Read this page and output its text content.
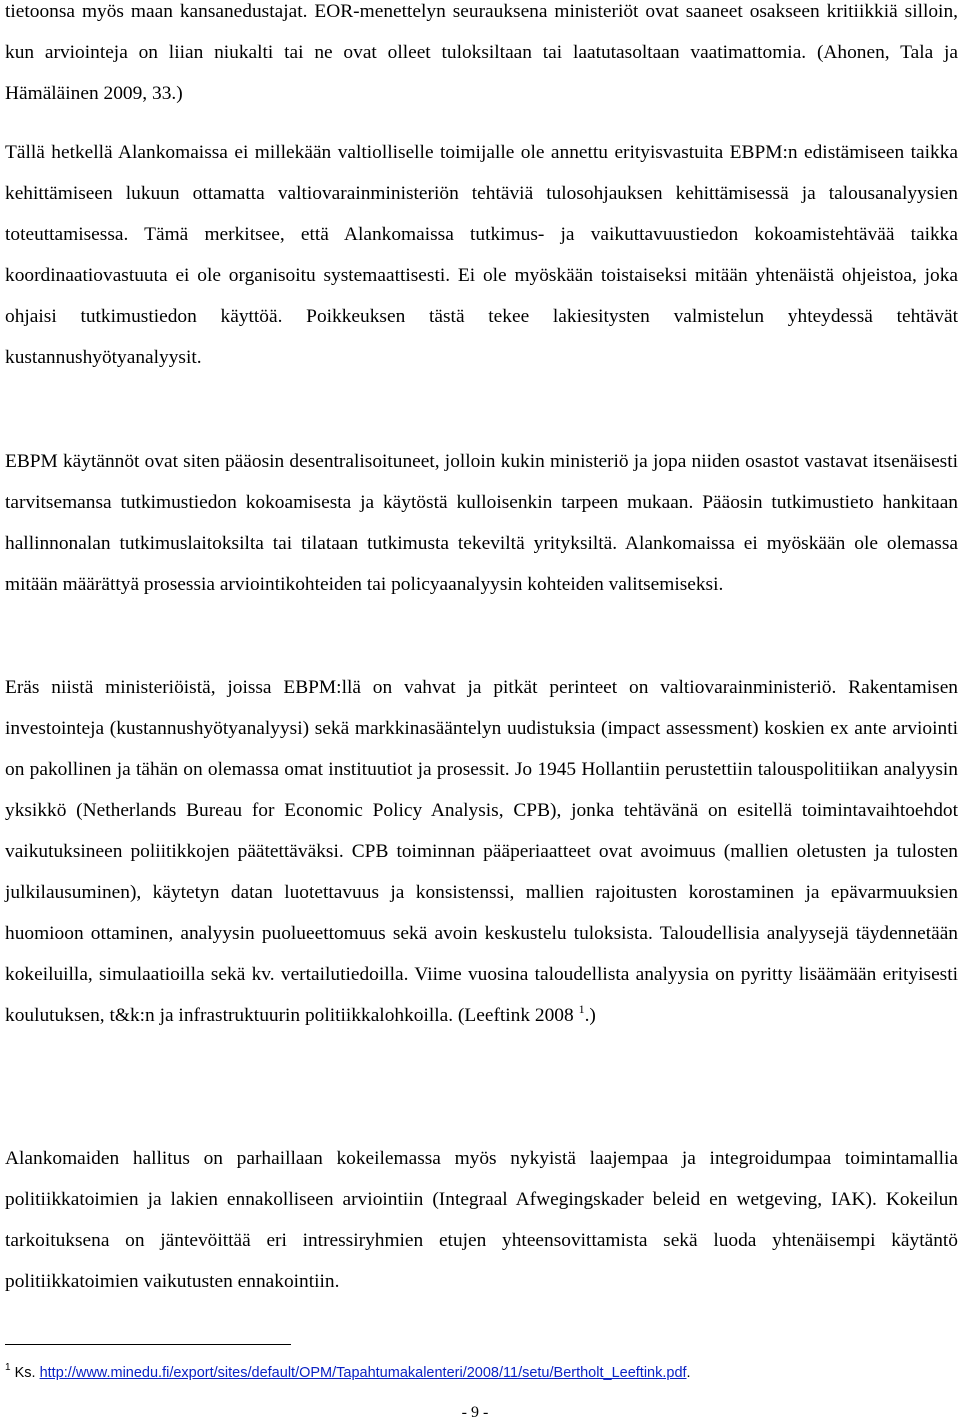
tietoonsa myös maan kansanedustajat. EOR-menettelyn seurauksena ministeriöt ovat saaneet osakseen kritiikkiä silloin, kun arviointeja on liian niukalti tai ne ovat olleet tuloksiltaan tai laatutasoltaan vaatimattomia. (Ahonen, Tala ja Hämäläinen 2009, 33.)

Tällä hetkellä Alankomaissa ei millekään valtiolliselle toimijalle ole annettu erityisvastuita EBPM:n edistämiseen taikka kehittämiseen lukuun ottamatta valtiovarainministeriön tehtäviä tulosohjauksen kehittämisessä ja talousanalyysien toteuttamisessa. Tämä merkitsee, että Alankomaissa tutkimus- ja vaikuttavuustiedon kokoamistehtävää taikka koordinaatiovastuuta ei ole organisoitu systemaattisesti. Ei ole myöskään toistaiseksi mitään yhtenäistä ohjeistoa, joka ohjaisi tutkimustiedon käyttöä. Poikkeuksen tästä tekee lakiesitysten valmistelun yhteydessä tehtävät kustannushyötyanalyysit.

EBPM käytännöt ovat siten pääosin desentralisoituneet, jolloin kukin ministeriö ja jopa niiden osastot vastavat itsenäisesti tarvitsemansa tutkimustiedon kokoamisesta ja käytöstä kulloisenkin tarpeen mukaan. Pääosin tutkimustieto hankitaan hallinnonalan tutkimuslaitoksilta tai tilataan tutkimusta tekeviltä yrityksiltä. Alankomaissa ei myöskään ole olemassa mitään määrättyä prosessia arviointikohteiden tai policyaanalyysin kohteiden valitsemiseksi.

Eräs niistä ministeriöistä, joissa EBPM:llä on vahvat ja pitkät perinteet on valtiovarainministeriö. Rakentamisen investointeja (kustannushyötyanalyysi) sekä markkinasääntelyn uudistuksia (impact assessment) koskien ex ante arviointi on pakollinen ja tähän on olemassa omat instituutiot ja prosessit. Jo 1945 Hollantiin perustettiin talouspolitiikan analyysin yksikkö (Netherlands Bureau for Economic Policy Analysis, CPB), jonka tehtävänä on esitellä toimintavaihtoehdot vaikutuksineen poliitikkojen päätettäväksi. CPB toiminnan pääperiaatteet ovat avoimuus (mallien oletusten ja tulosten julkilausuminen), käytetyn datan luotettavuus ja konsistenssi, mallien rajoitusten korostaminen ja epävarmuuksien huomioon ottaminen, analyysin puolueettomuus sekä avoin keskustelu tuloksista. Taloudellisia analyysejä täydennetään kokeiluilla, simulaatioilla sekä kv. vertailutiedoilla. Viime vuosina taloudellista analyysia on pyritty lisäämään erityisesti koulutuksen, t&k:n ja infrastruktuurin politiikkalohkoilla. (Leeftink 2008 $^1$.)

Alankomaiden hallitus on parhaillaan kokeilemassa myös nykyistä laajempaa ja integroidumpaa toimintamallia politiikkatoimien ja lakien ennakolliseen arviointiin (Integraal Afwegingskader beleid en wetgeving, IAK). Kokeilun tarkoituksena on jäntevöittää eri intressiryhmien etujen yhteensovittamista sekä luoda yhtenäisempi käytäntö politiikkatoimien vaikutusten ennakointiin.

$^1$ Ks. http://www.minedu.fi/export/sites/default/OPM/Tapahtumakalenteri/2008/11/setu/Bertholt_Leeftink.pdf.
- 9 -
